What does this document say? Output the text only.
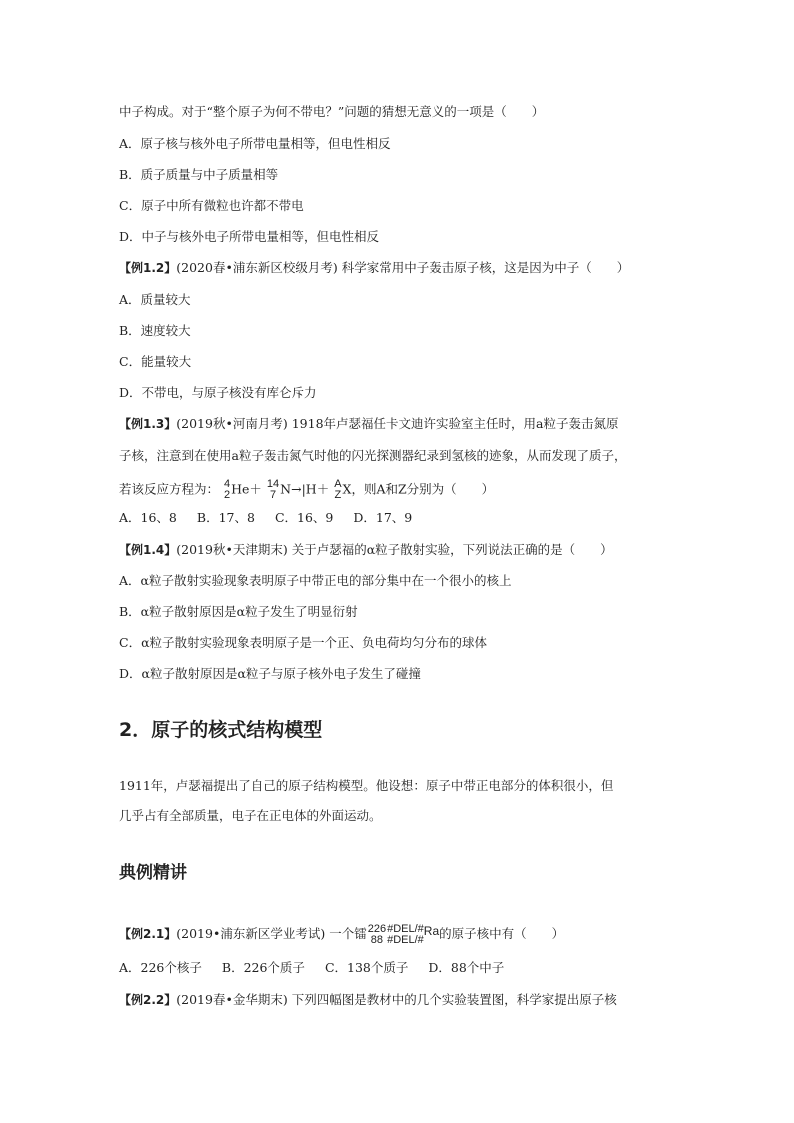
中子构成。对于“整个原子为何不带电？”问题的猜想无意义的一项是（　　）
A．原子核与核外电子所带电量相等，但电性相反
B．质子质量与中子质量相等
C．原子中所有微粒也许都不带电
D．中子与核外电子所带电量相等，但电性相反
【例1.2】(2020春•浦东新区校级月考) 科学家常用中子轰击原子核，这是因为中子（　　）
A．质量较大
B．速度较大
C．能量较大
D．不带电，与原子核没有库仑斥力
【例1.3】(2019秋•河南月考) 1918年卢瑟福任卡文迪许实验室主任时，用a粒子轰击氮原
子核，注意到在使用a粒子轰击氮气时他的闪光探测器纪录到氢核的迹象，从而发现了质子，
若该反应方程为： 4
2 He＋ 14
7 N→|H＋ A
Z X，则A和Z分别为（　　）
A．16、8 B．17、8 C．16、9 D．17、9
【例1.4】(2019秋•天津期末) 关于卢瑟福的α粒子散射实验，下列说法正确的是（　　）
A．α粒子散射实验现象表明原子中带正电的部分集中在一个很小的核上
B．α粒子散射原因是α粒子发生了明显衍射
C．α粒子散射实验现象表明原子是一个正、负电荷均匀分布的球体
D．α粒子散射原因是α粒子与原子核外电子发生了碰撞
2．原子的核式结构模型
1911年，卢瑟福提出了自己的原子结构模型。他设想：原子中带正电部分的体积很小，但
几乎占有全部质量，电子在正电体的外面运动。
典例精讲
【例2.1】(2019•浦东新区学业考试) 一个镭 226
88
#DEL/#
#DEL/#
Ra的原子核中有（　　）
A．226个核子 B．226个质子 C．138个质子 D．88个中子
【例2.2】(2019春•金华期末) 下列四幅图是教材中的几个实验装置图，科学家提出原子核
